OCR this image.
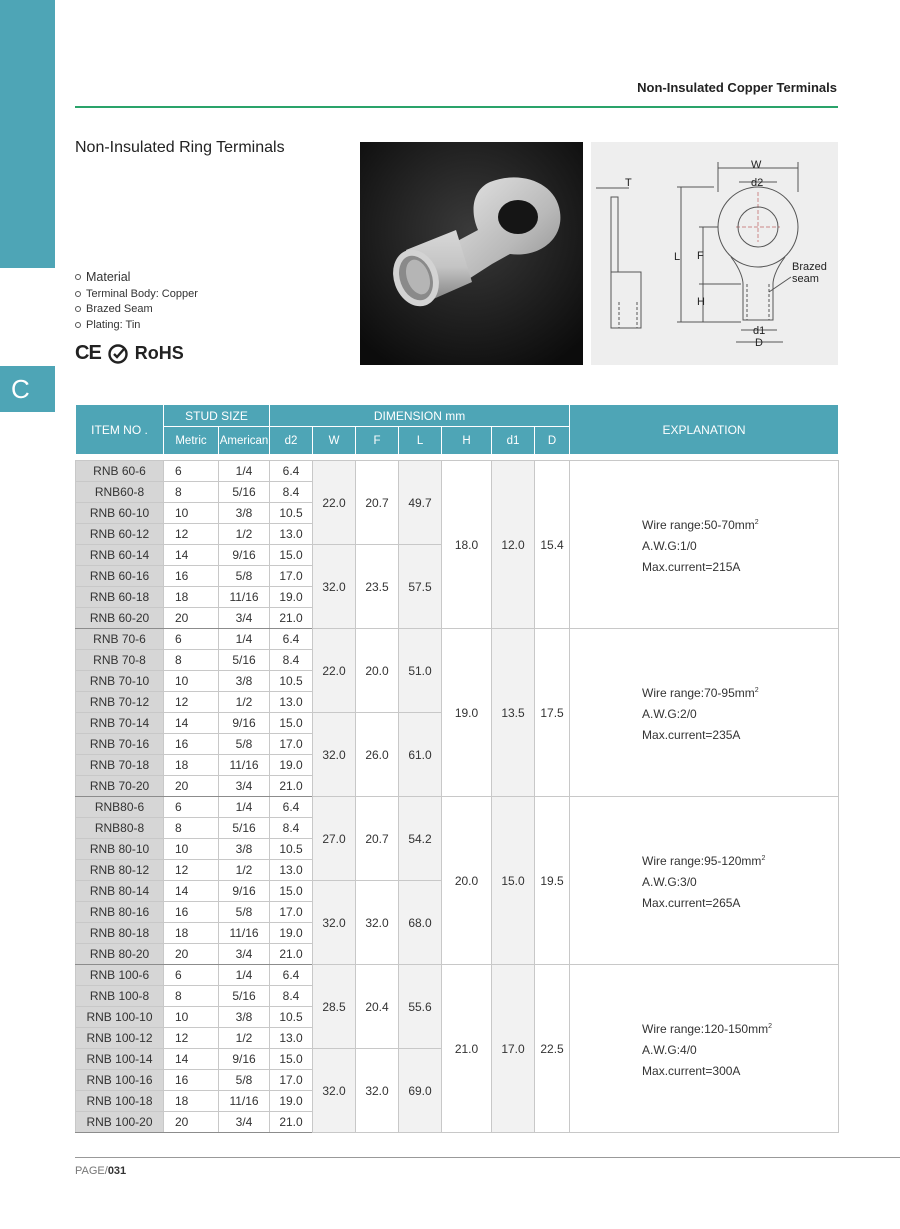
C
Non-Insulated Copper Terminals
Non-Insulated Ring Terminals
Material
Terminal Body: Copper
Brazed Seam
Plating: Tin
CE RoHS
W
d2
T
L F
H
d1
D
Brazed
seam
ITEM NO .	STUD SIZE		DIMENSION mm							EXPLANATION
	Metric	American	d2	W	F	L	H	d1	D	

RNB 60-6	6	1/4	6.4	22.0	20.7	49.7	18.0	12.0	15.4	Wire $range:50-70mm^2$
A.W.G:1/0
Max.current=215A

RNB60-8	8	5/16	8.4							
RNB 60-10	10	3/8	10.5							
RNB 60-12	12	1/2	13.0							
RNB 60-14	14	9/16	15.0	32.0	23.5	57.5				
RNB 60-16	16	5/8	17.0							
RNB 60-18	18	11/16	19.0							
RNB 60-20	20	3/4	21.0							
RNB 70-6	6	1/4	6.4	22.0	20.0	51.0	19.0	13.5	17.5	Wire $range:70-95mm^2$
A.W.G:2/0
Max.current=235A

RNB 70-8	8	5/16	8.4							
RNB 70-10	10	3/8	10.5							
RNB 70-12	12	1/2	13.0							
RNB 70-14	14	9/16	15.0	32.0	26.0	61.0				
RNB 70-16	16	5/8	17.0							
RNB 70-18	18	11/16	19.0							
RNB 70-20	20	3/4	21.0							
RNB80-6	6	1/4	6.4	27.0	20.7	54.2	20.0	15.0	19.5	Wire $range:95-120mm^2$
A.W.G:3/0
Max.current=265A

RNB80-8	8	5/16	8.4							
RNB 80-10	10	3/8	10.5							
RNB 80-12	12	1/2	13.0							
RNB 80-14	14	9/16	15.0	32.0	32.0	68.0				
RNB 80-16	16	5/8	17.0							
RNB 80-18	18	11/16	19.0							
RNB 80-20	20	3/4	21.0							
RNB 100-6	6	1/4	6.4	28.5	20.4	55.6	21.0	17.0	22.5	Wire $range:120-150mm^2$
A.W.G:4/0
Max.current=300A

RNB 100-8	8	5/16	8.4							
RNB 100-10	10	3/8	10.5							
RNB 100-12	12	1/2	13.0							
RNB 100-14	14	9/16	15.0	32.0	32.0	69.0				
RNB 100-16	16	5/8	17.0							
RNB 100-18	18	11/16	19.0							
RNB 100-20	20	3/4	21.0							
PAGE/031
